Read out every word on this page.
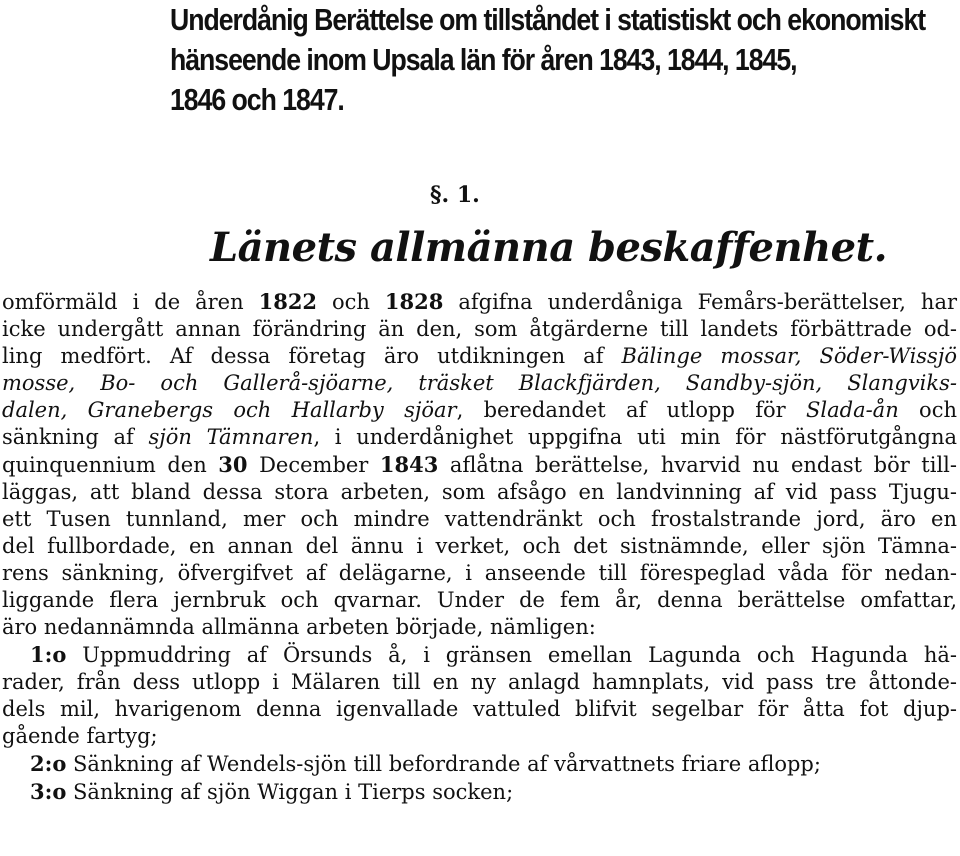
Underdånig Berättelse om tillståndet i statistiskt och ekonomiskt
hänseende inom Upsala län för åren 1843, 1844, 1845,
1846 och 1847.
§. 1.
Länets allmänna beskaffenhet.
omförmäld i de åren 1822 och 1828 afgifna underdåniga Femårs-berättelser, har
icke undergått annan förändring än den, som åtgärderne till landets förbättrade od-
ling medfört. Af dessa företag äro utdikningen af Bälinge mossar, Söder-Wissjö
mosse, Bo- och Gallerå-sjöarne, träsket Blackfjärden, Sandby-sjön, Slangviks-
dalen, Granebergs och Hallarby sjöar, beredandet af utlopp för Slada-ån och
sänkning af sjön Tämnaren, i underdånighet uppgifna uti min för nästförutgångna
quinquennium den 30 December 1843 aflåtna berättelse, hvarvid nu endast bör till-
läggas, att bland dessa stora arbeten, som afsågo en landvinning af vid pass Tjugu-
ett Tusen tunnland, mer och mindre vattendränkt och frostalstrande jord, äro en
del fullbordade, en annan del ännu i verket, och det sistnämnde, eller sjön Tämna-
rens sänkning, öfvergifvet af delägarne, i anseende till förespeglad våda för nedan-
liggande flera jernbruk och qvarnar. Under de fem år, denna berättelse omfattar,
äro nedannämnda allmänna arbeten började, nämligen:
1:o Uppmuddring af Örsunds å, i gränsen emellan Lagunda och Hagunda hä-
rader, från dess utlopp i Mälaren till en ny anlagd hamnplats, vid pass tre åttonde-
dels mil, hvarigenom denna igenvallade vattuled blifvit segelbar för åtta fot djup-
gående fartyg;
2:o Sänkning af Wendels-sjön till befordrande af vårvattnets friare aflopp;
3:o Sänkning af sjön Wiggan i Tierps socken;
